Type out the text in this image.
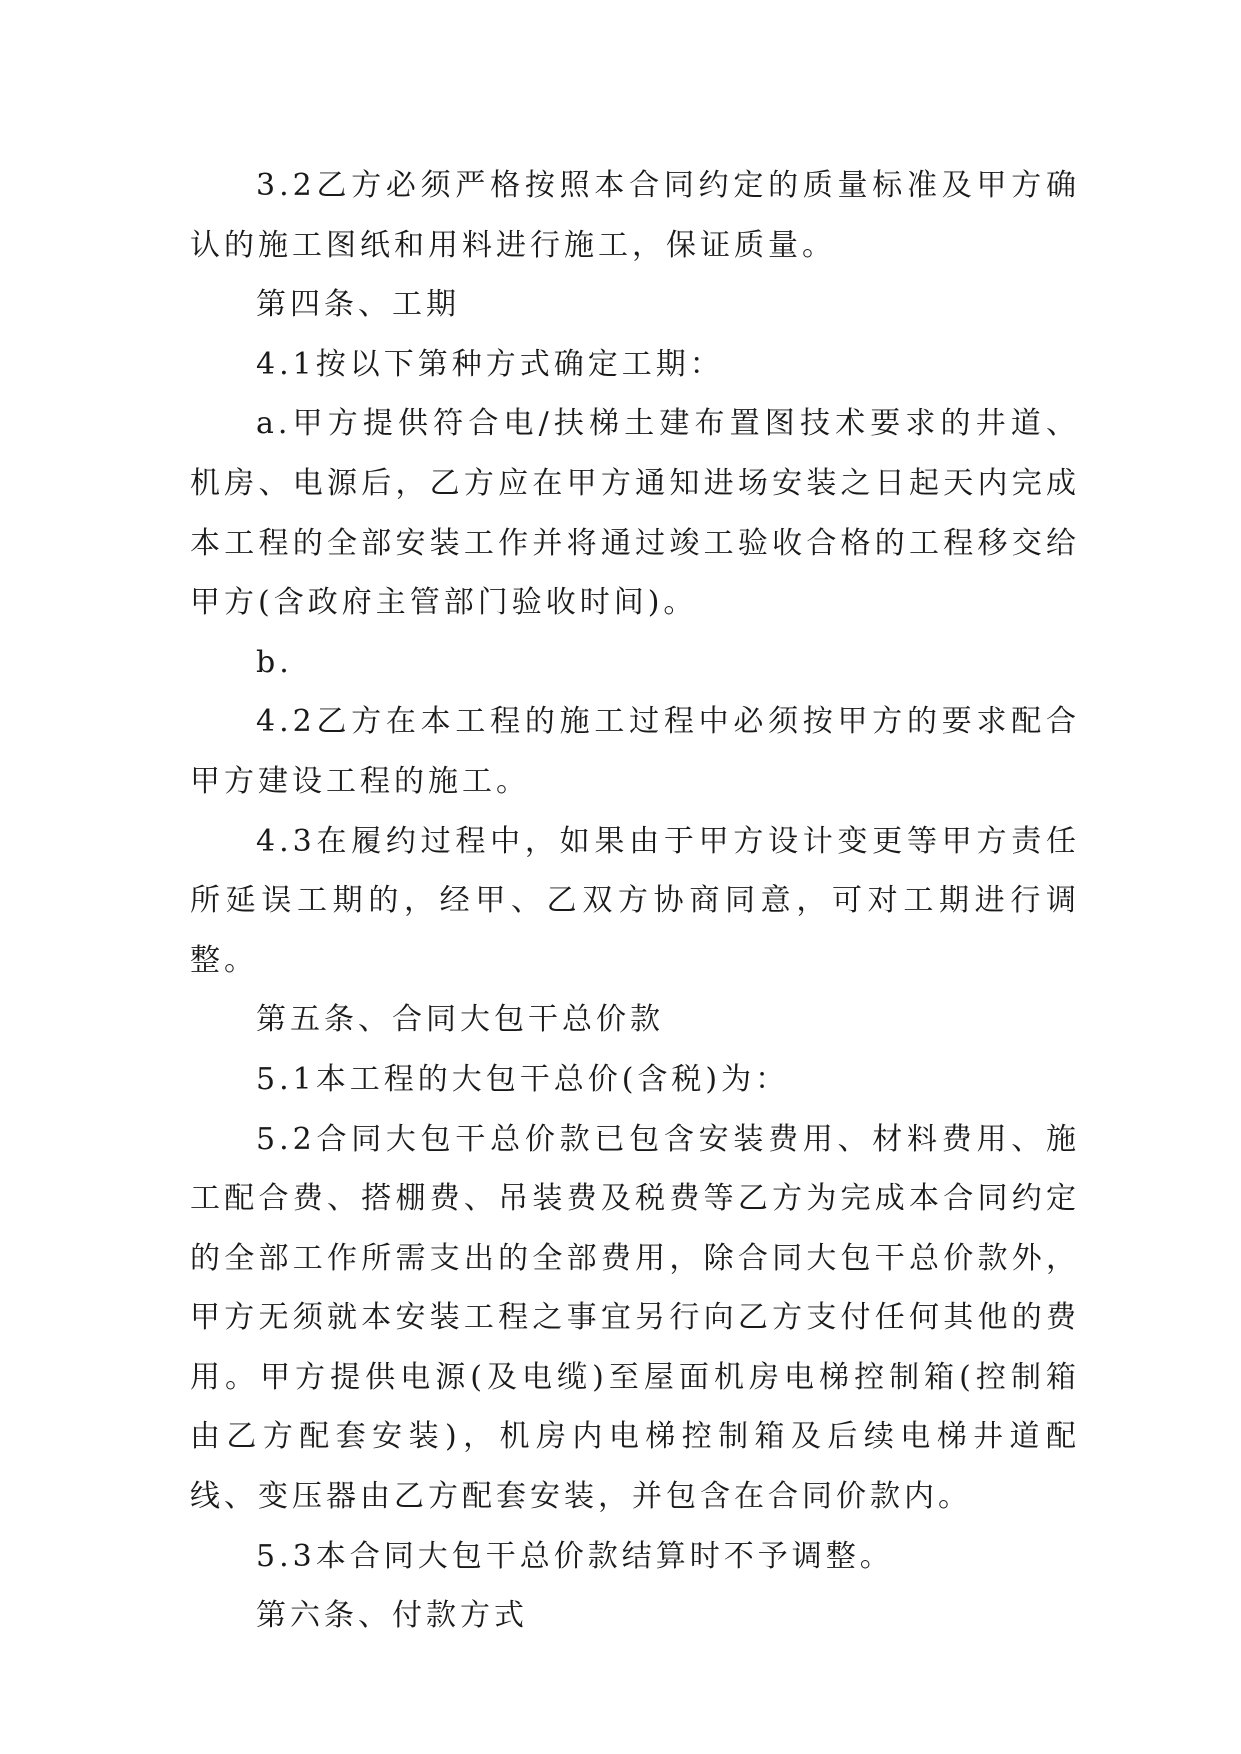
3.2乙方必须严格按照本合同约定的质量标准及甲方确认的施工图纸和用料进行施工，保证质量。

第四条、工期

4.1按以下第种方式确定工期：

a.甲方提供符合电/扶梯土建布置图技术要求的井道、机房、电源后，乙方应在甲方通知进场安装之日起天内完成本工程的全部安装工作并将通过竣工验收合格的工程移交给甲方(含政府主管部门验收时间)。

b.

4.2乙方在本工程的施工过程中必须按甲方的要求配合甲方建设工程的施工。

4.3在履约过程中，如果由于甲方设计变更等甲方责任所延误工期的，经甲、乙双方协商同意，可对工期进行调整。

第五条、合同大包干总价款

5.1本工程的大包干总价(含税)为：

5.2合同大包干总价款已包含安装费用、材料费用、施工配合费、搭棚费、吊装费及税费等乙方为完成本合同约定的全部工作所需支出的全部费用，除合同大包干总价款外，甲方无须就本安装工程之事宜另行向乙方支付任何其他的费用。甲方提供电源(及电缆)至屋面机房电梯控制箱(控制箱由乙方配套安装)，机房内电梯控制箱及后续电梯井道配线、变压器由乙方配套安装，并包含在合同价款内。

5.3本合同大包干总价款结算时不予调整。

第六条、付款方式
